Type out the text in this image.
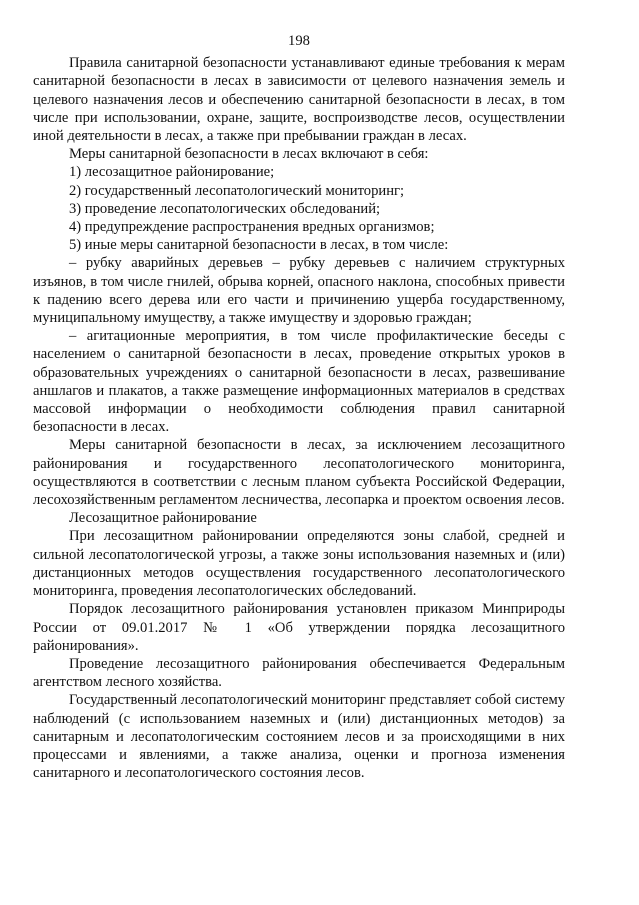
198

Правила санитарной безопасности устанавливают единые требования к мерам санитарной безопасности в лесах в зависимости от целевого назначения земель и целевого назначения лесов и обеспечению санитарной безопасности в лесах, в том числе при использовании, охране, защите, воспроизводстве лесов, осуществлении иной деятельности в лесах, а также при пребывании граждан в лесах.

Меры санитарной безопасности в лесах включают в себя:

1) лесозащитное районирование;

2) государственный лесопатологический мониторинг;

3) проведение лесопатологических обследований;

4) предупреждение распространения вредных организмов;

5) иные меры санитарной безопасности в лесах, в том числе:

– рубку аварийных деревьев – рубку деревьев с наличием структурных изъянов, в том числе гнилей, обрыва корней, опасного наклона, способных привести к падению всего дерева или его части и причинению ущерба государственному, муниципальному имуществу, а также имуществу и здоровью граждан;

– агитационные мероприятия, в том числе профилактические беседы с населением о санитарной безопасности в лесах, проведение открытых уроков в образовательных учреждениях о санитарной безопасности в лесах, развешивание аншлагов и плакатов, а также размещение информационных материалов в средствах массовой информации о необходимости соблюдения правил санитарной безопасности в лесах.

Меры санитарной безопасности в лесах, за исключением лесозащитного районирования и государственного лесопатологического мониторинга, осуществляются в соответствии с лесным планом субъекта Российской Федерации, лесохозяйственным регламентом лесничества, лесопарка и проектом освоения лесов.

Лесозащитное районирование

При лесозащитном районировании определяются зоны слабой, средней и сильной лесопатологической угрозы, а также зоны использования наземных и (или) дистанционных методов осуществления государственного лесопатологического мониторинга, проведения лесопатологических обследований.

Порядок лесозащитного районирования установлен приказом Минприроды России от 09.01.2017 № 1 «Об утверждении порядка лесозащитного районирования».

Проведение лесозащитного районирования обеспечивается Федеральным агентством лесного хозяйства.

Государственный лесопатологический мониторинг представляет собой систему наблюдений (с использованием наземных и (или) дистанционных методов) за санитарным и лесопатологическим состоянием лесов и за происходящими в них процессами и явлениями, а также анализа, оценки и прогноза изменения санитарного и лесопатологического состояния лесов.
